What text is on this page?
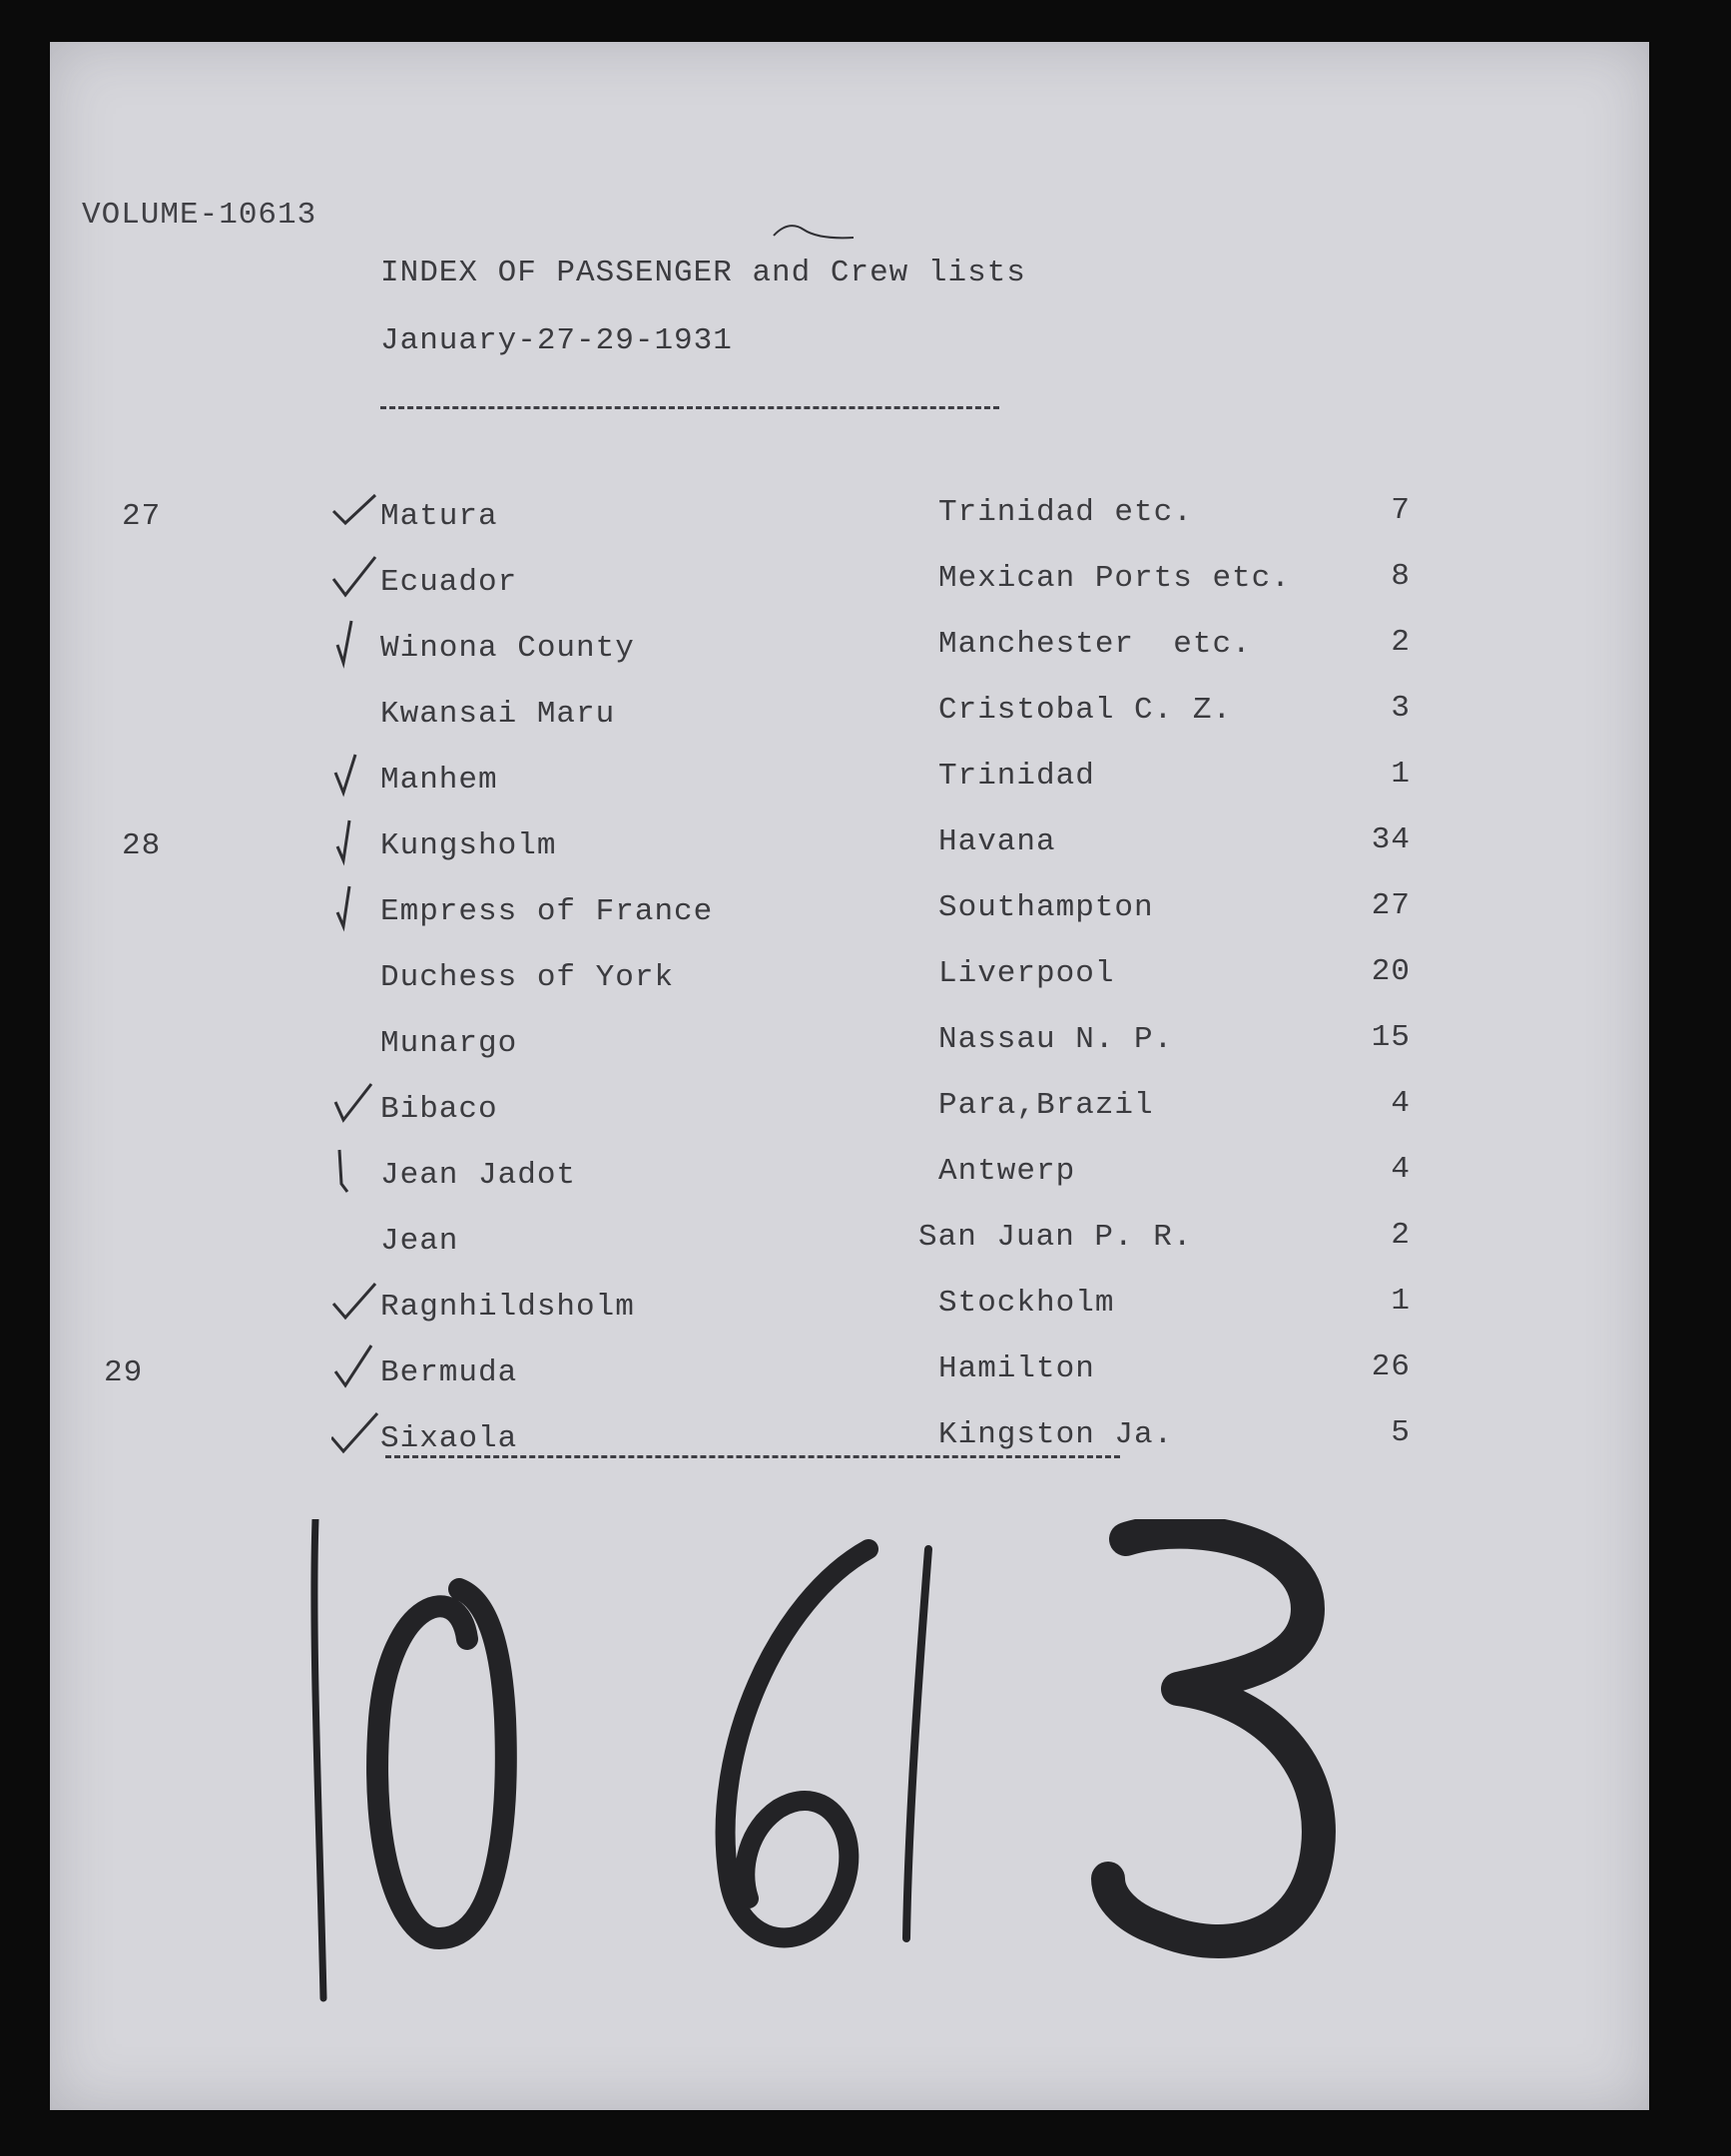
VOLUME-10613
INDEX OF PASSENGER and Crew lists
January-27-29-1931
27	Matura	Trinidad etc.	7
Ecuador	Mexican Ports etc.	8
Winona County	Manchester  etc.	2
Kwansai Maru	Cristobal C. Z.	3
Manhem	Trinidad	1
28	Kungsholm	Havana	34
Empress of France	Southampton	27
Duchess of York	Liverpool	20
Munargo	Nassau N. P.	15
Bibaco	Para,Brazil	4
Jean Jadot	Antwerp	4
Jean	San Juan P. R.	2
Ragnhildsholm	Stockholm	1
29	Bermuda	Hamilton	26
Sixaola	Kingston Ja.	5
